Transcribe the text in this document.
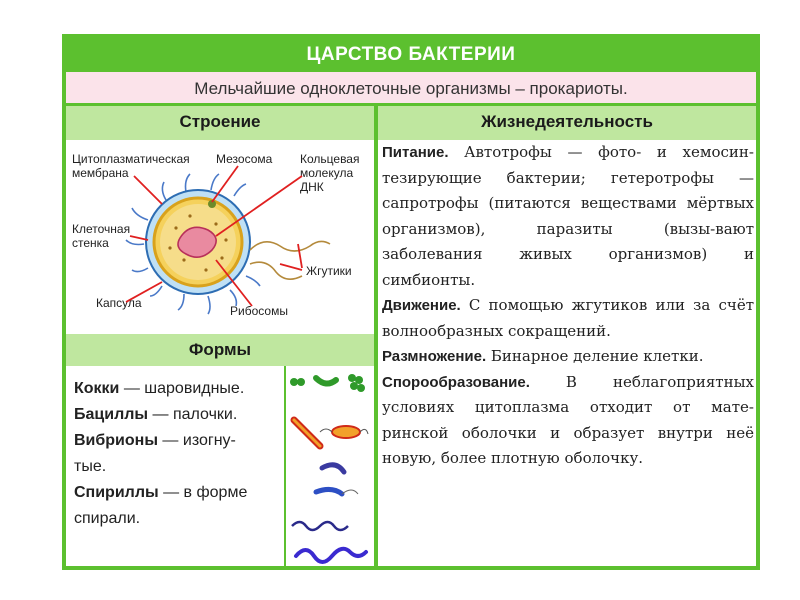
ЦАРСТВО БАКТЕРИИ
Мельчайшие одноклеточные организмы – прокариоты.
Строение	Жизнедеятельность
Цитоплазматическая
мембрана
Мезосома Кольцевая
молекула
ДНК
Клеточная
стенка
Жгутики
Капсула
Рибосомы
Формы

Кокки — шаровидные.

Бациллы — палочки.

Вибрионы — изогну-

тые.

Спириллы — в форме

спирали.

Питание. Автотрофы — фото- и хемосин-тезирующие бактерии; гетеротрофы — сапротрофы (питаются веществами мёртвых организмов), паразиты (вызы-вают заболевания живых организмов) и симбионты.

Движение. С помощью жгутиков или за счёт волнообразных сокращений.

Размножение. Бинарное деление клетки.

Спорообразование. В неблагоприятных условиях цитоплазма отходит от мате-ринской оболочки и образует внутри неё новую, более плотную оболочку.
